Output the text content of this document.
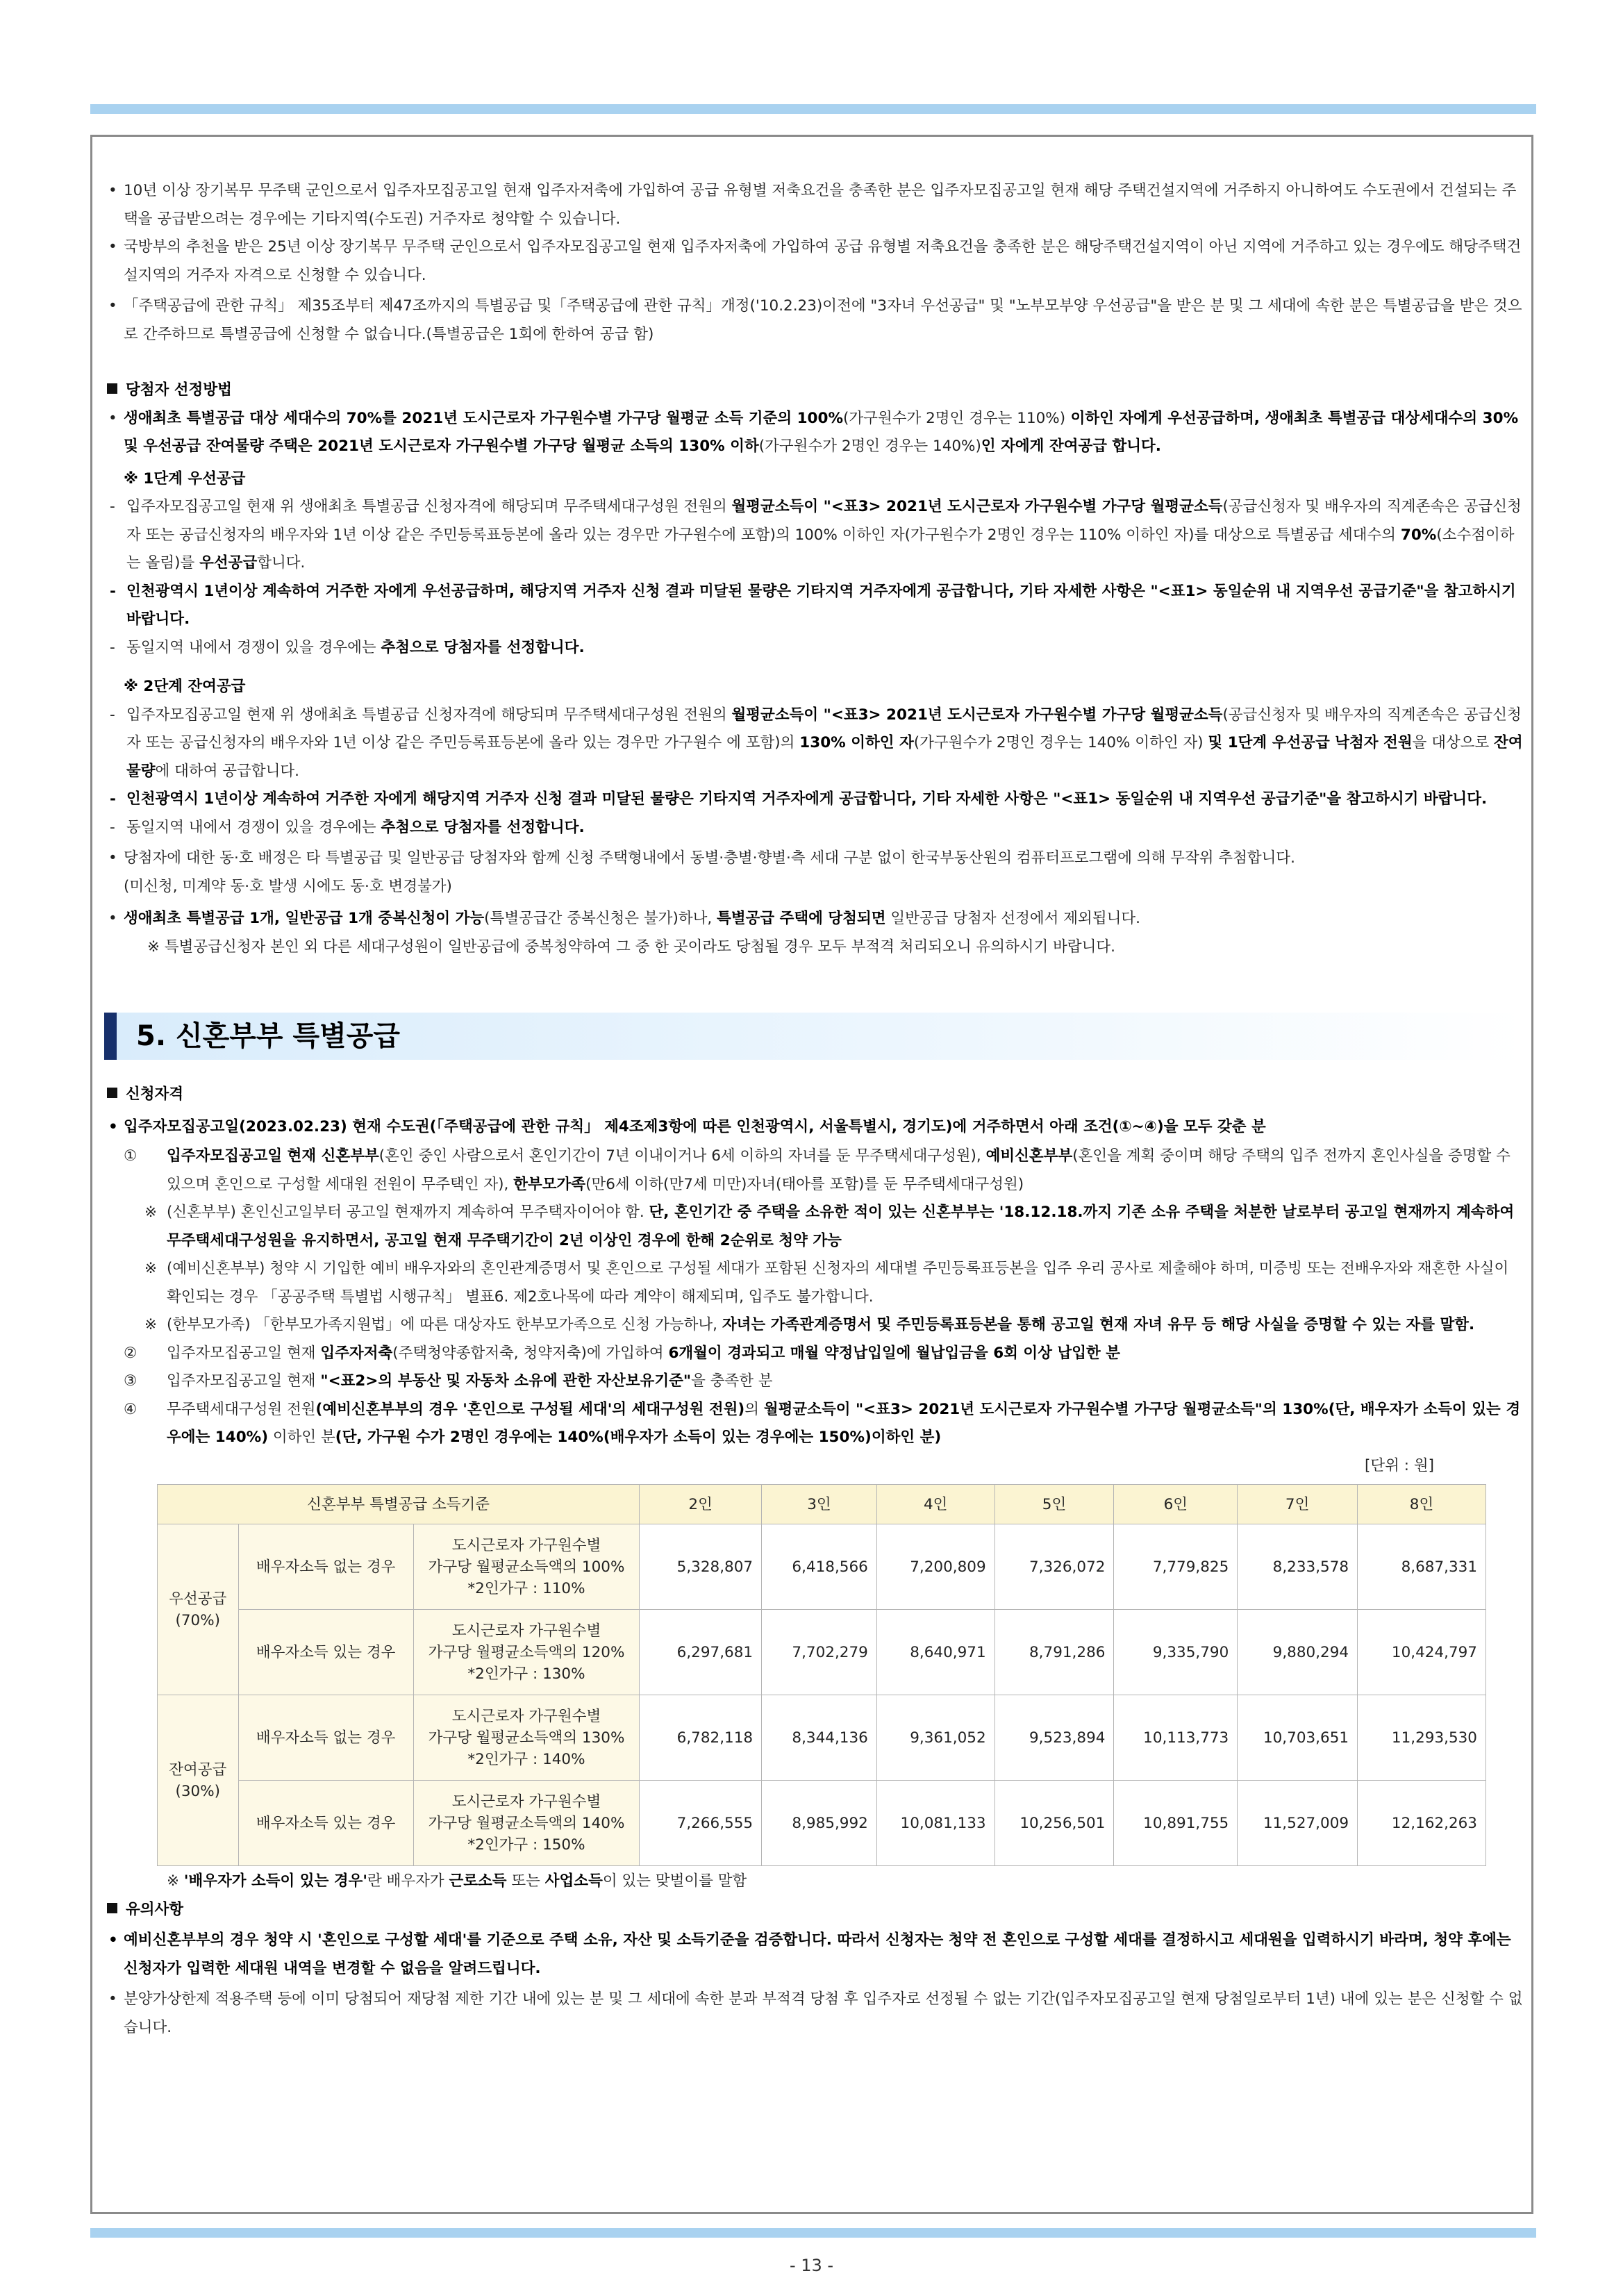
• 10년 이상 장기복무 무주택 군인으로서 입주자모집공고일 현재 입주자저축에 가입하여 공급 유형별 저축요건을 충족한 분은 입주자모집공고일 현재 해당 주택건설지역에 거주하지 아니하여도 수도권에서 건설되는 주택을 공급받으려는 경우에는 기타지역(수도권) 거주자로 청약할 수 있습니다.
• 국방부의 추천을 받은 25년 이상 장기복무 무주택 군인으로서 입주자모집공고일 현재 입주자저축에 가입하여 공급 유형별 저축요건을 충족한 분은 해당주택건설지역이 아닌 지역에 거주하고 있는 경우에도 해당주택건설지역의 거주자 자격으로 신청할 수 있습니다.
• 「주택공급에 관한 규칙」 제35조부터 제47조까지의 특별공급 및「주택공급에 관한 규칙」개정('10.2.23)이전에 "3자녀 우선공급" 및 "노부모부양 우선공급"을 받은 분 및 그 세대에 속한 분은 특별공급을 받은 것으로 간주하므로 특별공급에 신청할 수 없습니다.(특별공급은 1회에 한하여 공급 함)
당첨자 선정방법
• 생애최초 특별공급 대상 세대수의 70%를 2021년 도시근로자 가구원수별 가구당 월평균 소득 기준의 100%(가구원수가 2명인 경우는 110%) 이하인 자에게 우선공급하며, 생애최초 특별공급 대상세대수의 30% 및 우선공급 잔여물량 주택은 2021년 도시근로자 가구원수별 가구당 월평균 소득의 130% 이하(가구원수가 2명인 경우는 140%)인 자에게 잔여공급 합니다.
※ 1단계 우선공급
- 입주자모집공고일 현재 위 생애최초 특별공급 신청자격에 해당되며 무주택세대구성원 전원의 월평균소득이 "<표3> 2021년 도시근로자 가구원수별 가구당 월평균소득(공급신청자 및 배우자의 직계존속은 공급신청자 또는 공급신청자의 배우자와 1년 이상 같은 주민등록표등본에 올라 있는 경우만 가구원수에 포함)의 100% 이하인 자(가구원수가 2명인 경우는 110% 이하인 자)를 대상으로 특별공급 세대수의 70%(소수점이하는 올림)를 우선공급합니다.
- 인천광역시 1년이상 계속하여 거주한 자에게 우선공급하며, 해당지역 거주자 신청 결과 미달된 물량은 기타지역 거주자에게 공급합니다, 기타 자세한 사항은 "<표1> 동일순위 내 지역우선 공급기준"을 참고하시기 바랍니다.
- 동일지역 내에서 경쟁이 있을 경우에는 추첨으로 당첨자를 선정합니다.
※ 2단계 잔여공급
- 입주자모집공고일 현재 위 생애최초 특별공급 신청자격에 해당되며 무주택세대구성원 전원의 월평균소득이 "<표3> 2021년 도시근로자 가구원수별 가구당 월평균소득(공급신청자 및 배우자의 직계존속은 공급신청자 또는 공급신청자의 배우자와 1년 이상 같은 주민등록표등본에 올라 있는 경우만 가구원수 에 포함)의 130% 이하인 자(가구원수가 2명인 경우는 140% 이하인 자) 및 1단계 우선공급 낙첨자 전원을 대상으로 잔여물량에 대하여 공급합니다.
- 인천광역시 1년이상 계속하여 거주한 자에게 해당지역 거주자 신청 결과 미달된 물량은 기타지역 거주자에게 공급합니다, 기타 자세한 사항은 "<표1> 동일순위 내 지역우선 공급기준"을 참고하시기 바랍니다.
- 동일지역 내에서 경쟁이 있을 경우에는 추첨으로 당첨자를 선정합니다.
• 당첨자에 대한 동·호 배정은 타 특별공급 및 일반공급 당첨자와 함께 신청 주택형내에서 동별·층별·향별·측 세대 구분 없이 한국부동산원의 컴퓨터프로그램에 의해 무작위 추첨합니다.
(미신청, 미계약 동·호 발생 시에도 동·호 변경불가)
• 생애최초 특별공급 1개, 일반공급 1개 중복신청이 가능(특별공급간 중복신청은 불가)하나, 특별공급 주택에 당첨되면 일반공급 당첨자 선정에서 제외됩니다.
※ 특별공급신청자 본인 외 다른 세대구성원이 일반공급에 중복청약하여 그 중 한 곳이라도 당첨될 경우 모두 부적격 처리되오니 유의하시기 바랍니다.
5. 신혼부부 특별공급
신청자격
• 입주자모집공고일(2023.02.23) 현재 수도권(「주택공급에 관한 규칙」 제4조제3항에 따른 인천광역시, 서울특별시, 경기도)에 거주하면서 아래 조건(①~④)을 모두 갖춘 분
① 입주자모집공고일 현재 신혼부부(혼인 중인 사람으로서 혼인기간이 7년 이내이거나 6세 이하의 자녀를 둔 무주택세대구성원), 예비신혼부부(혼인을 계획 중이며 해당 주택의 입주 전까지 혼인사실을 증명할 수 있으며 혼인으로 구성할 세대원 전원이 무주택인 자), 한부모가족(만6세 이하(만7세 미만)자녀(태아를 포함)를 둔 무주택세대구성원)
※ (신혼부부) 혼인신고일부터 공고일 현재까지 계속하여 무주택자이어야 함. 단, 혼인기간 중 주택을 소유한 적이 있는 신혼부부는 '18.12.18.까지 기존 소유 주택을 처분한 날로부터 공고일 현재까지 계속하여 무주택세대구성원을 유지하면서, 공고일 현재 무주택기간이 2년 이상인 경우에 한해 2순위로 청약 가능
※ (예비신혼부부) 청약 시 기입한 예비 배우자와의 혼인관계증명서 및 혼인으로 구성될 세대가 포함된 신청자의 세대별 주민등록표등본을 입주 우리 공사로 제출해야 하며, 미증빙 또는 전배우자와 재혼한 사실이 확인되는 경우 「공공주택 특별법 시행규칙」 별표6. 제2호나목에 따라 계약이 해제되며, 입주도 불가합니다.
※ (한부모가족) 「한부모가족지원법」에 따른 대상자도 한부모가족으로 신청 가능하나, 자녀는 가족관계증명서 및 주민등록표등본을 통해 공고일 현재 자녀 유무 등 해당 사실을 증명할 수 있는 자를 말함.
② 입주자모집공고일 현재 입주자저축(주택청약종합저축, 청약저축)에 가입하여 6개월이 경과되고 매월 약정납입일에 월납입금을 6회 이상 납입한 분
③ 입주자모집공고일 현재 "<표2>의 부동산 및 자동차 소유에 관한 자산보유기준"을 충족한 분
④ 무주택세대구성원 전원(예비신혼부부의 경우 '혼인으로 구성될 세대'의 세대구성원 전원)의 월평균소득이 "<표3> 2021년 도시근로자 가구원수별 가구당 월평균소득"의 130%(단, 배우자가 소득이 있는 경우에는 140%) 이하인 분(단, 가구원 수가 2명인 경우에는 140%(배우자가 소득이 있는 경우에는 150%)이하인 분)
[단위 : 원]
신혼부부 특별공급 소득기준			2인	3인	4인	5인	6인	7인	8인
우선공급
(70%)	배우자소득 없는 경우	도시근로자 가구원수별
가구당 월평균소득액의 100%
*2인가구 : 110%	5,328,807	6,418,566	7,200,809	7,326,072	7,779,825	8,233,578	8,687,331
	배우자소득 있는 경우	도시근로자 가구원수별
가구당 월평균소득액의 120%
*2인가구 : 130%	6,297,681	7,702,279	8,640,971	8,791,286	9,335,790	9,880,294	10,424,797
잔여공급
(30%)	배우자소득 없는 경우	도시근로자 가구원수별
가구당 월평균소득액의 130%
*2인가구 : 140%	6,782,118	8,344,136	9,361,052	9,523,894	10,113,773	10,703,651	11,293,530
	배우자소득 있는 경우	도시근로자 가구원수별
가구당 월평균소득액의 140%
*2인가구 : 150%	7,266,555	8,985,992	10,081,133	10,256,501	10,891,755	11,527,009	12,162,263
※ '배우자가 소득이 있는 경우'란 배우자가 근로소득 또는 사업소득이 있는 맞벌이를 말함
유의사항
• 예비신혼부부의 경우 청약 시 '혼인으로 구성할 세대'를 기준으로 주택 소유, 자산 및 소득기준을 검증합니다. 따라서 신청자는 청약 전 혼인으로 구성할 세대를 결정하시고 세대원을 입력하시기 바라며, 청약 후에는 신청자가 입력한 세대원 내역을 변경할 수 없음을 알려드립니다.
• 분양가상한제 적용주택 등에 이미 당첨되어 재당첨 제한 기간 내에 있는 분 및 그 세대에 속한 분과 부적격 당첨 후 입주자로 선정될 수 없는 기간(입주자모집공고일 현재 당첨일로부터 1년) 내에 있는 분은 신청할 수 없습니다.
- 13 -
